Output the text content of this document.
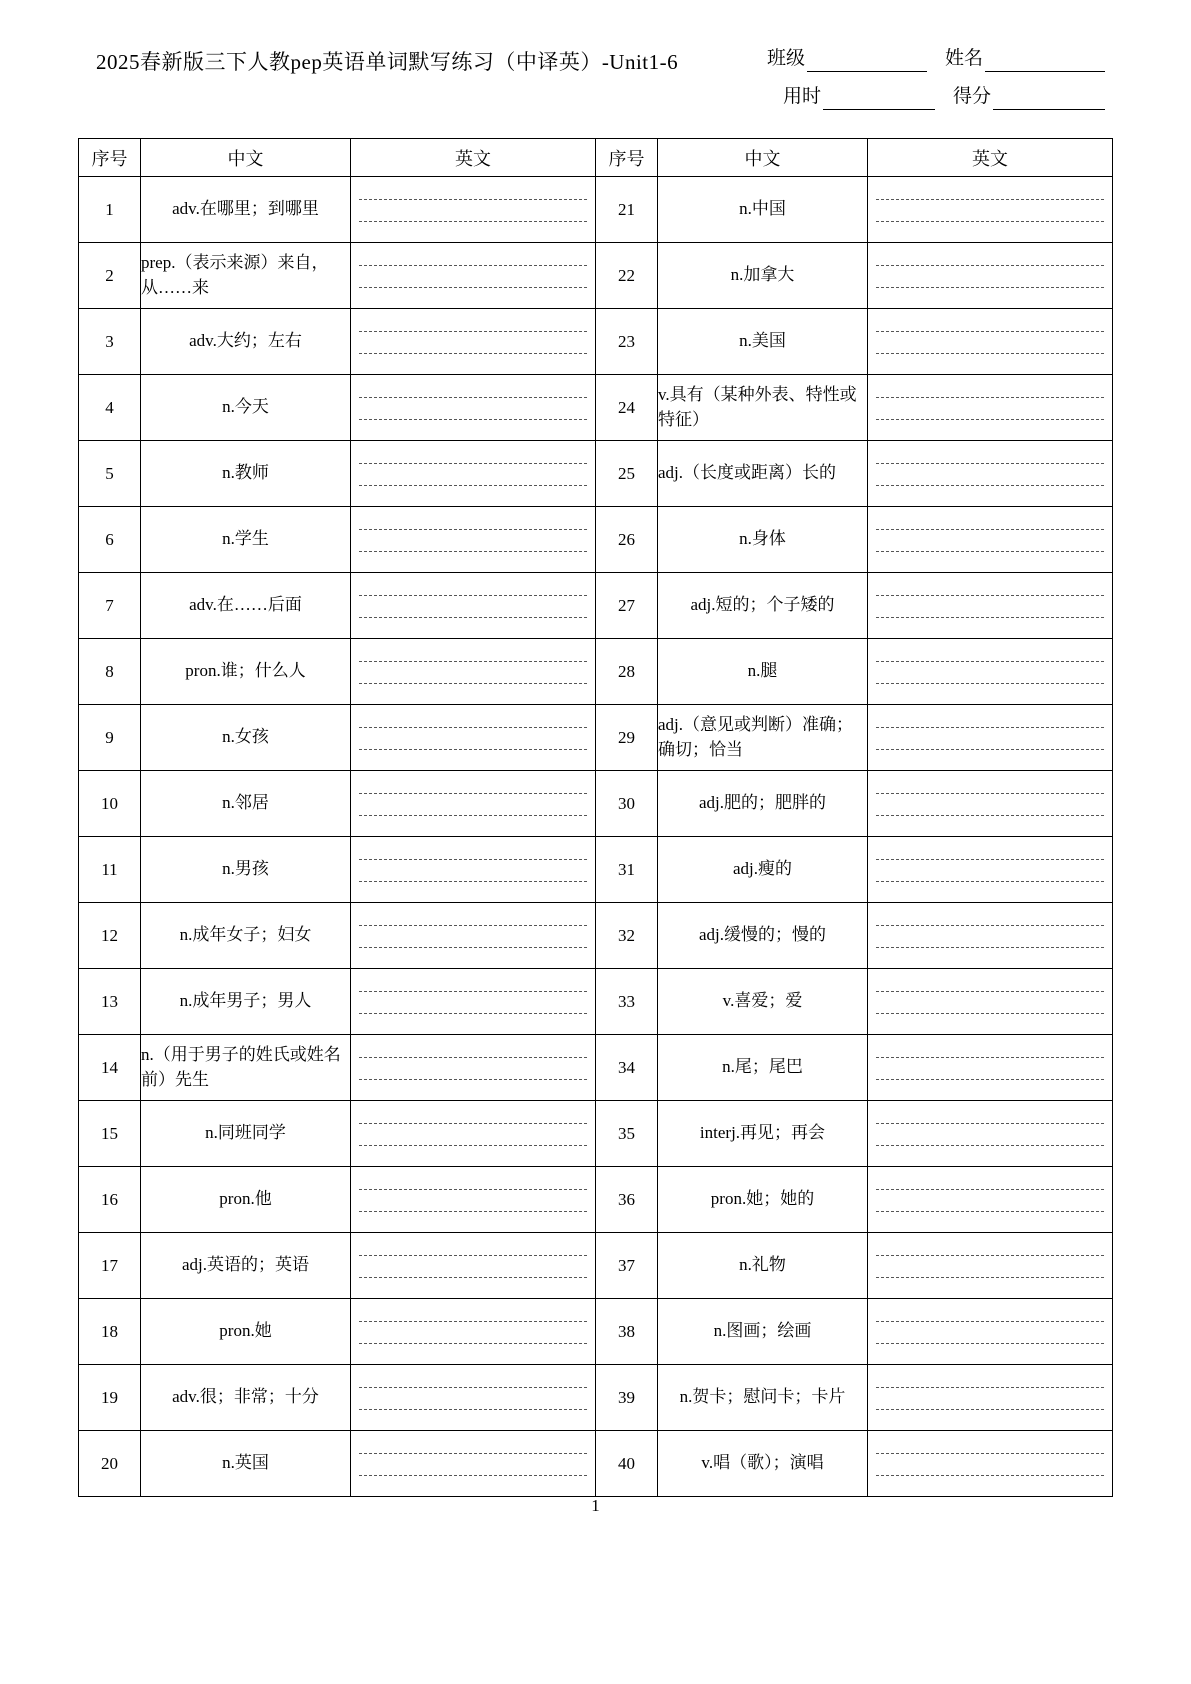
2025春新版三下人教pep英语单词默写练习（中译英）-Unit1-6	班级	姓名
用时	得分
序号	中文	英文	序号	中文	英文
1	adv.在哪里；到哪里		21	n.中国	

2	prep.（表示来源）来自，从……来		22	n.加拿大	

3	adv.大约；左右		23	n.美国	

4	n.今天		24	v.具有（某种外表、特性或特征）	

5	n.教师		25	adj.（长度或距离）长的	

6	n.学生		26	n.身体	

7	adv.在……后面		27	adj.短的；个子矮的	

8	pron.谁；什么人		28	n.腿	

9	n.女孩		29	adj.（意见或判断）准确；确切；恰当	

10	n.邻居		30	adj.肥的；肥胖的	

11	n.男孩		31	adj.瘦的	

12	n.成年女子；妇女		32	adj.缓慢的；慢的	

13	n.成年男子；男人		33	v.喜爱；爱	

14	n.（用于男子的姓氏或姓名前）先生		34	n.尾；尾巴	

15	n.同班同学		35	interj.再见；再会	

16	pron.他		36	pron.她；她的	

17	adj.英语的；英语		37	n.礼物	

18	pron.她		38	n.图画；绘画	

19	adv.很；非常；十分		39	n.贺卡；慰问卡；卡片	

20	n.英国		40	v.唱（歌）；演唱	
1
